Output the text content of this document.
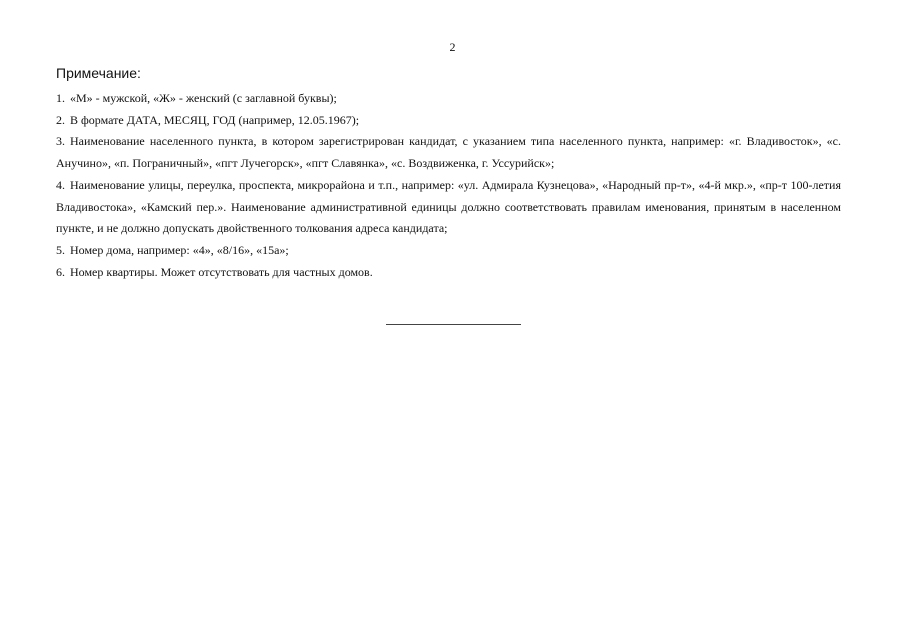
2
Примечание:

1. «М» - мужской, «Ж» - женский (с заглавной буквы);

2. В формате ДАТА, МЕСЯЦ, ГОД (например, 12.05.1967);

3. Наименование населенного пункта, в котором зарегистрирован кандидат, с указанием типа населенного пункта, например: «г. Владивосток», «с. Анучино», «п. Пограничный», «пгт Лучегорск», «пгт Славянка», «с. Воздвиженка, г. Уссурийск»;

4. Наименование улицы, переулка, проспекта, микрорайона и т.п., например: «ул. Адмирала Кузнецова», «Народный пр-т», «4-й мкр.», «пр-т 100-летия Владивостока», «Камский пер.». Наименование административной единицы должно соответствовать правилам именования, принятым в населенном пункте, и не должно допускать двойственного толкования адреса кандидата;

5. Номер дома, например: «4», «8/16», «15а»;

6. Номер квартиры. Может отсутствовать для частных домов.
